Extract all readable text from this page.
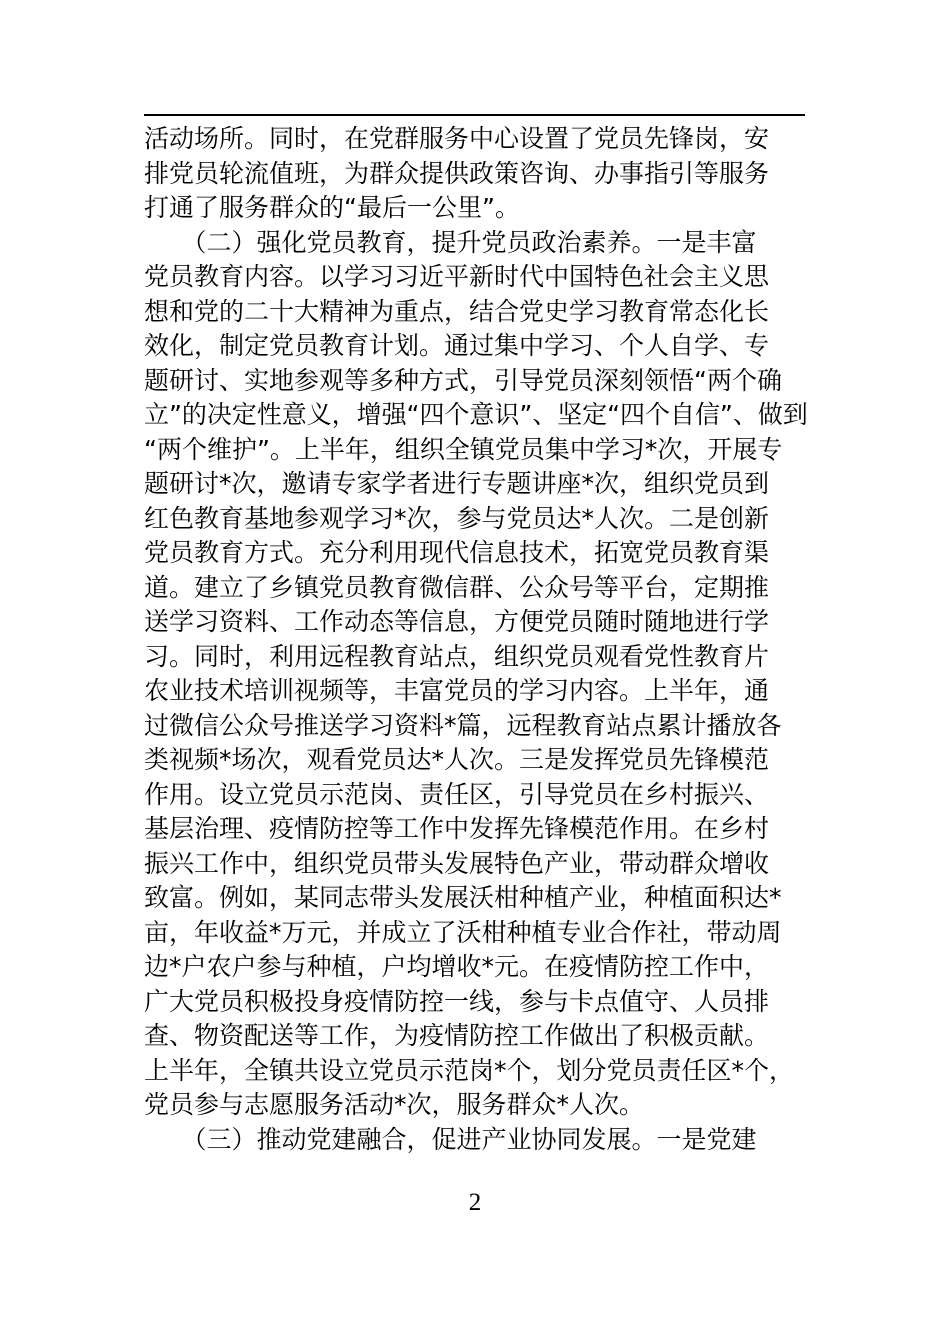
活动场所。同时，在党群服务中心设置了党员先锋岗，安
排党员轮流值班，为群众提供政策咨询、办事指引等服务
打通了服务群众的“最后一公里”。
　　（二）强化党员教育，提升党员政治素养。一是丰富
党员教育内容。以学习习近平新时代中国特色社会主义思
想和党的二十大精神为重点，结合党史学习教育常态化长
效化，制定党员教育计划。通过集中学习、个人自学、专
题研讨、实地参观等多种方式，引导党员深刻领悟“两个确
立”的决定性意义，增强“四个意识”、坚定“四个自信”、做到
“两个维护”。上半年，组织全镇党员集中学习*次，开展专
题研讨*次，邀请专家学者进行专题讲座*次，组织党员到
红色教育基地参观学习*次，参与党员达*人次。二是创新
党员教育方式。充分利用现代信息技术，拓宽党员教育渠
道。建立了乡镇党员教育微信群、公众号等平台，定期推
送学习资料、工作动态等信息，方便党员随时随地进行学
习。同时，利用远程教育站点，组织党员观看党性教育片
农业技术培训视频等，丰富党员的学习内容。上半年，通
过微信公众号推送学习资料*篇，远程教育站点累计播放各
类视频*场次，观看党员达*人次。三是发挥党员先锋模范
作用。设立党员示范岗、责任区，引导党员在乡村振兴、
基层治理、疫情防控等工作中发挥先锋模范作用。在乡村
振兴工作中，组织党员带头发展特色产业，带动群众增收
致富。例如，某同志带头发展沃柑种植产业，种植面积达*
亩，年收益*万元，并成立了沃柑种植专业合作社，带动周
边*户农户参与种植，户均增收*元。在疫情防控工作中，
广大党员积极投身疫情防控一线，参与卡点值守、人员排
查、物资配送等工作，为疫情防控工作做出了积极贡献。
上半年，全镇共设立党员示范岗*个，划分党员责任区*个，
党员参与志愿服务活动*次，服务群众*人次。
　　（三）推动党建融合，促进产业协同发展。一是党建
2
